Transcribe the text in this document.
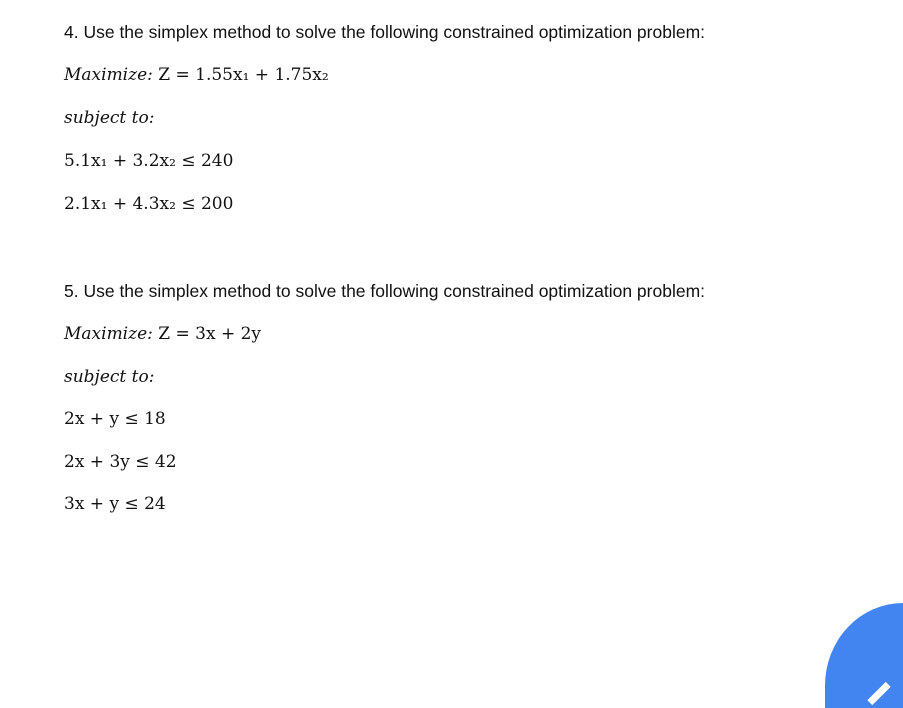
4. Use the simplex method to solve the following constrained optimization problem:
Maximize: Z = 1.55x₁ + 1.75x₂
subject to:
5.1x₁ + 3.2x₂ ≤ 240
2.1x₁ + 4.3x₂ ≤ 200
5. Use the simplex method to solve the following constrained optimization problem:
Maximize: Z = 3x + 2y
subject to:
2x + y ≤ 18
2x + 3y ≤ 42
3x + y ≤ 24
